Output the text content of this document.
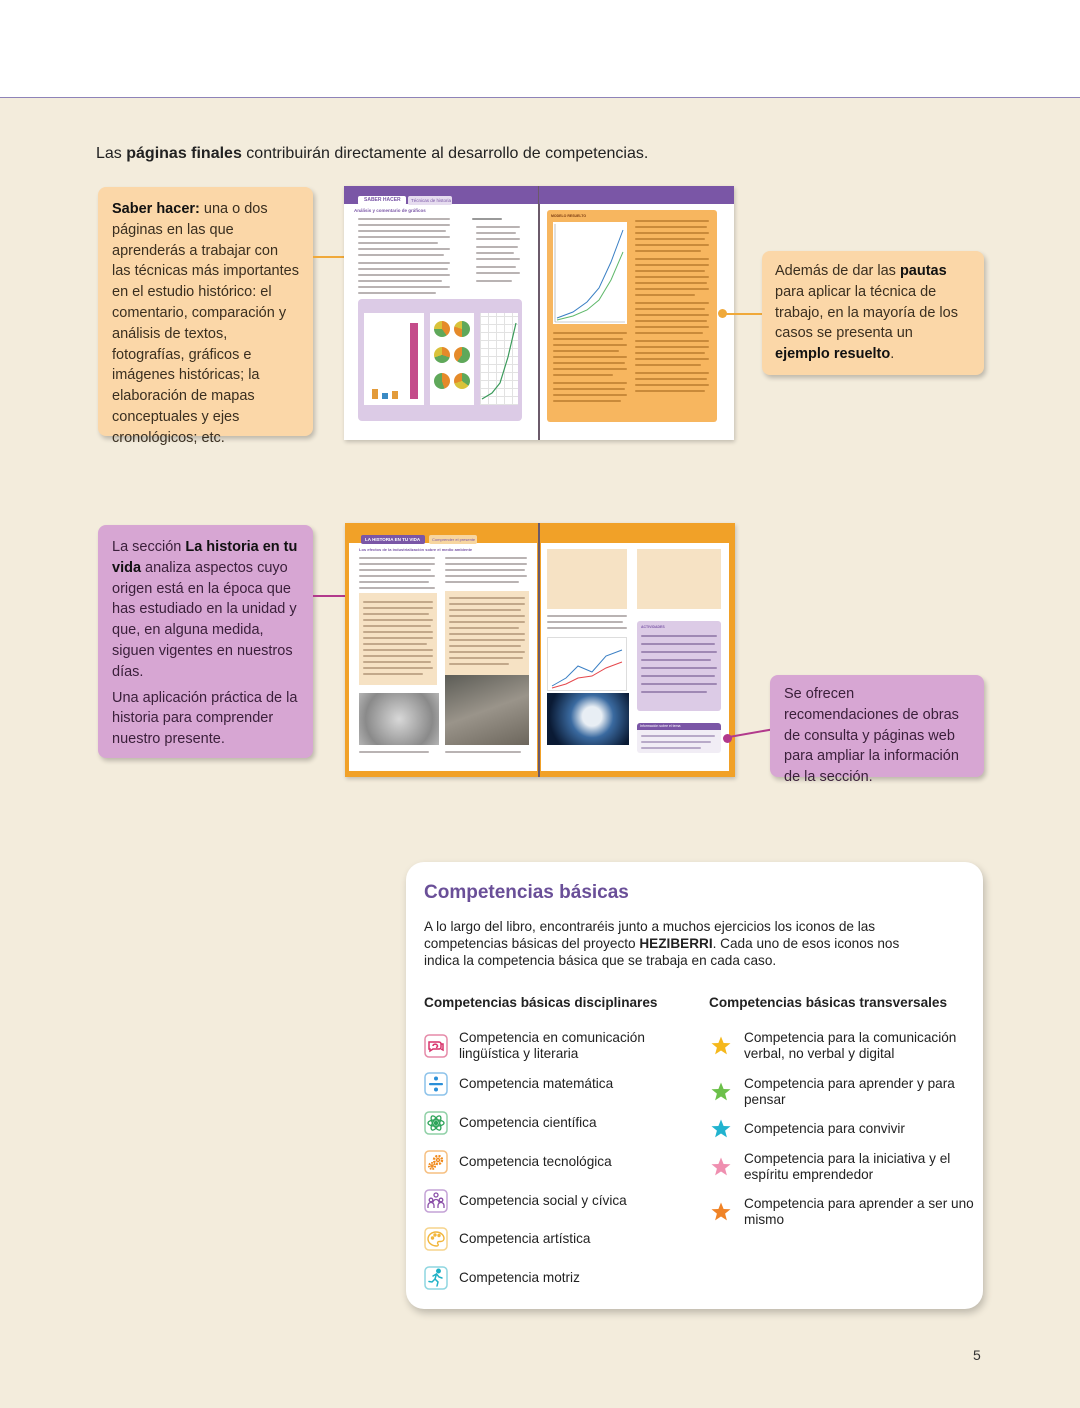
Las páginas finales contribuirán directamente al desarrollo de competencias.

Saber hacer: una o dos páginas en las que aprenderás a trabajar con las técnicas más importantes en el estudio histórico: el comentario, comparación y análisis de textos, fotografías, gráficos e imágenes históricas; la elaboración de mapas conceptuales y ejes cronológicos; etc.

SABER HACER	Técnicas de historia
Análisis y comentario de gráficos
MODELO RESUELTO

Además de dar las pautas para aplicar la técnica de trabajo, en la mayoría de los casos se presenta un ejemplo resuelto.

La sección La historia en tu vida analiza aspectos cuyo origen está en la época que has estudiado en la unidad y que, en alguna medida, siguen vigentes en nuestros días.

Una aplicación práctica de la historia para comprender nuestro presente.

LA HISTORIA EN TU VIDA	Comprender el presente
Los efectos de la industrialización sobre el medio ambiente
ACTIVIDADES
Información sobre el tema

Se ofrecen recomendaciones de obras de consulta y páginas web para ampliar la información de la sección.

Competencias básicas

A lo largo del libro, encontraréis junto a muchos ejercicios los iconos de las competencias básicas del proyecto HEZIBERRI. Cada uno de esos iconos nos indica la competencia básica que se trabaja en cada caso.

Competencias básicas disciplinares	Competencias básicas transversales
Competencia en comunicación lingüística y literaria
Competencia matemática
Competencia científica
Competencia tecnológica
Competencia social y cívica
Competencia artística
Competencia motriz
Competencia para la comunicación verbal, no verbal y digital
Competencia para aprender y para pensar
Competencia para convivir
Competencia para la iniciativa y el espíritu emprendedor
Competencia para aprender a ser uno mismo
5
